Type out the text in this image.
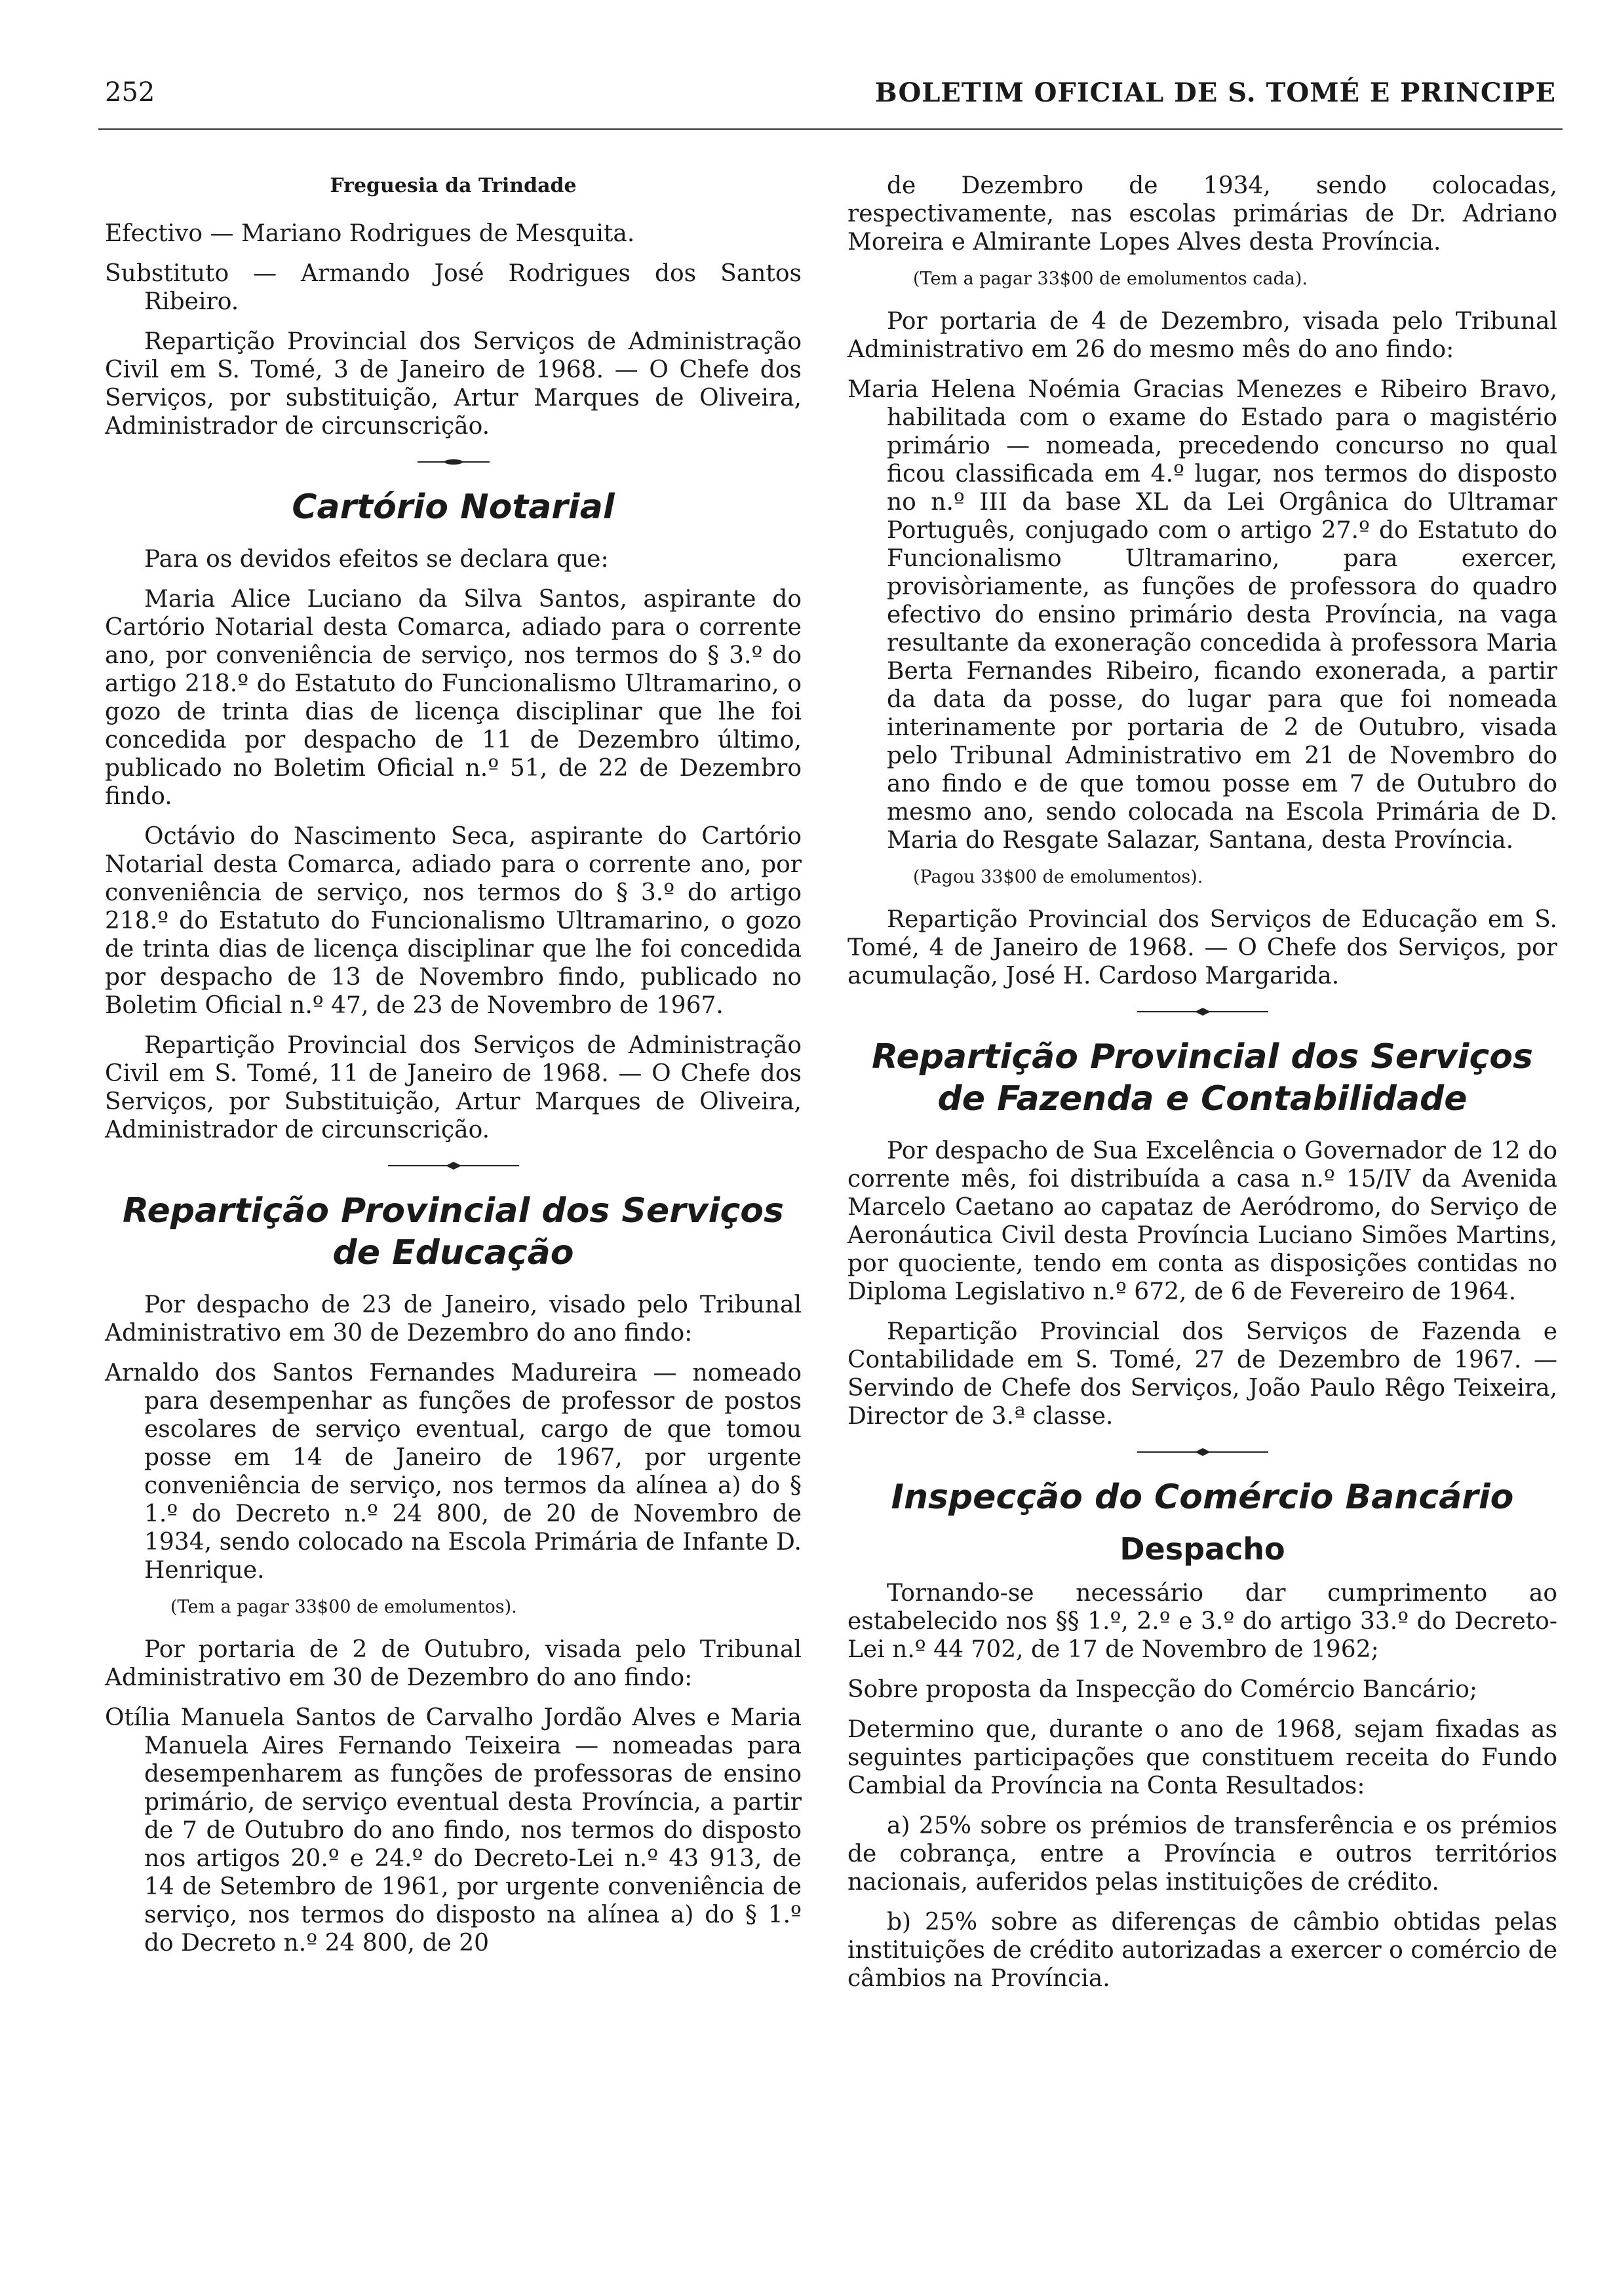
252	BOLETIM OFICIAL DE S. TOMÉ E PRINCIPE
Freguesia da Trindade

Efectivo — Mariano Rodrigues de Mesquita.

Substituto — Armando José Rodrigues dos Santos Ribeiro.

Repartição Provincial dos Serviços de Administração Civil em S. Tomé, 3 de Janeiro de 1968. — O Chefe dos Serviços, por substituição, Artur Marques de Oliveira, Administrador de circunscrição.

Cartório Notarial

Para os devidos efeitos se declara que:

Maria Alice Luciano da Silva Santos, aspirante do Cartório Notarial desta Comarca, adiado para o corrente ano, por conveniência de serviço, nos termos do § 3.º do artigo 218.º do Estatuto do Funcionalismo Ultramarino, o gozo de trinta dias de licença disciplinar que lhe foi concedida por despacho de 11 de Dezembro último, publicado no Boletim Oficial n.º 51, de 22 de Dezembro findo.

Octávio do Nascimento Seca, aspirante do Cartório Notarial desta Comarca, adiado para o corrente ano, por conveniência de serviço, nos termos do § 3.º do artigo 218.º do Estatuto do Funcionalismo Ultramarino, o gozo de trinta dias de licença disciplinar que lhe foi concedida por despacho de 13 de Novembro findo, publicado no Boletim Oficial n.º 47, de 23 de Novembro de 1967.

Repartição Provincial dos Serviços de Administração Civil em S. Tomé, 11 de Janeiro de 1968. — O Chefe dos Serviços, por Substituição, Artur Marques de Oliveira, Administrador de circunscrição.

Repartição Provincial dos Serviços de Educação

Por despacho de 23 de Janeiro, visado pelo Tribunal Administrativo em 30 de Dezembro do ano findo:

Arnaldo dos Santos Fernandes Madureira — nomeado para desempenhar as funções de professor de postos escolares de serviço eventual, cargo de que tomou posse em 14 de Janeiro de 1967, por urgente conveniência de serviço, nos termos da alínea a) do § 1.º do Decreto n.º 24 800, de 20 de Novembro de 1934, sendo colocado na Escola Primária de Infante D. Henrique.

(Tem a pagar 33$00 de emolumentos).

Por portaria de 2 de Outubro, visada pelo Tribunal Administrativo em 30 de Dezembro do ano findo:

Otília Manuela Santos de Carvalho Jordão Alves e Maria Manuela Aires Fernando Teixeira — nomeadas para desempenharem as funções de professoras de ensino primário, de serviço eventual desta Província, a partir de 7 de Outubro do ano findo, nos termos do disposto nos artigos 20.º e 24.º do Decreto-Lei n.º 43 913, de 14 de Setembro de 1961, por urgente conveniência de serviço, nos termos do disposto na alínea a) do § 1.º do Decreto n.º 24 800, de 20

de Dezembro de 1934, sendo colocadas, respectivamente, nas escolas primárias de Dr. Adriano Moreira e Almirante Lopes Alves desta Província.

(Tem a pagar 33$00 de emolumentos cada).

Por portaria de 4 de Dezembro, visada pelo Tribunal Administrativo em 26 do mesmo mês do ano findo:

Maria Helena Noémia Gracias Menezes e Ribeiro Bravo, habilitada com o exame do Estado para o magistério primário — nomeada, precedendo concurso no qual ficou classificada em 4.º lugar, nos termos do disposto no n.º III da base XL da Lei Orgânica do Ultramar Português, conjugado com o artigo 27.º do Estatuto do Funcionalismo Ultramarino, para exercer, provisòriamente, as funções de professora do quadro efectivo do ensino primário desta Província, na vaga resultante da exoneração concedida à professora Maria Berta Fernandes Ribeiro, ficando exonerada, a partir da data da posse, do lugar para que foi nomeada interinamente por portaria de 2 de Outubro, visada pelo Tribunal Administrativo em 21 de Novembro do ano findo e de que tomou posse em 7 de Outubro do mesmo ano, sendo colocada na Escola Primária de D. Maria do Resgate Salazar, Santana, desta Província.

(Pagou 33$00 de emolumentos).

Repartição Provincial dos Serviços de Educação em S. Tomé, 4 de Janeiro de 1968. — O Chefe dos Serviços, por acumulação, José H. Cardoso Margarida.

Repartição Provincial dos Serviços de Fazenda e Contabilidade

Por despacho de Sua Excelência o Governador de 12 do corrente mês, foi distribuída a casa n.º 15/IV da Avenida Marcelo Caetano ao capataz de Aeródromo, do Serviço de Aeronáutica Civil desta Província Luciano Simões Martins, por quociente, tendo em conta as disposições contidas no Diploma Legislativo n.º 672, de 6 de Fevereiro de 1964.

Repartição Provincial dos Serviços de Fazenda e Contabilidade em S. Tomé, 27 de Dezembro de 1967. — Servindo de Chefe dos Serviços, João Paulo Rêgo Teixeira, Director de 3.ª classe.

Inspecção do Comércio Bancário
Despacho

Tornando-se necessário dar cumprimento ao estabelecido nos §§ 1.º, 2.º e 3.º do artigo 33.º do Decreto-Lei n.º 44 702, de 17 de Novembro de 1962;

Sobre proposta da Inspecção do Comércio Bancário;

Determino que, durante o ano de 1968, sejam fixadas as seguintes participações que constituem receita do Fundo Cambial da Província na Conta Resultados:

a) 25% sobre os prémios de transferência e os prémios de cobrança, entre a Província e outros territórios nacionais, auferidos pelas instituições de crédito.

b) 25% sobre as diferenças de câmbio obtidas pelas instituições de crédito autorizadas a exercer o comércio de câmbios na Província.
